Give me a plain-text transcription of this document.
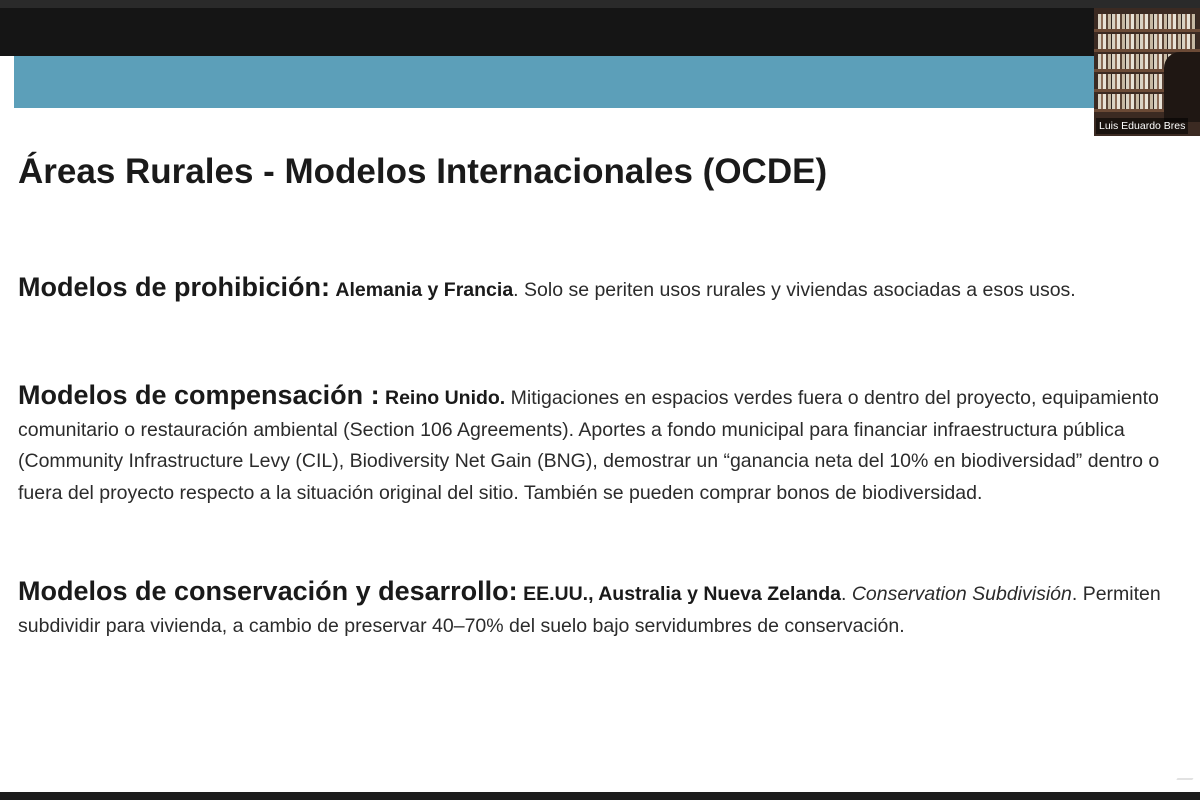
Áreas Rurales - Modelos Internacionales (OCDE)

Modelos de prohibición: Alemania y Francia. Solo se periten usos rurales y viviendas asociadas a esos usos.

Modelos de compensación : Reino Unido. Mitigaciones en espacios verdes fuera o dentro del proyecto, equipamiento comunitario o restauración ambiental (Section 106 Agreements). Aportes a fondo municipal para financiar infraestructura pública (Community Infrastructure Levy (CIL), Biodiversity Net Gain (BNG), demostrar un “ganancia neta del 10% en biodiversidad” dentro o fuera del proyecto respecto a la situación original del sitio. También se pueden comprar bonos de biodiversidad.

Modelos de conservación y desarrollo: EE.UU., Australia y Nueva Zelanda. Conservation Subdivisión. Permiten subdividir para vivienda, a cambio de preservar 40–70% del suelo bajo servidumbres de conservación.

Luis Eduardo Bres
